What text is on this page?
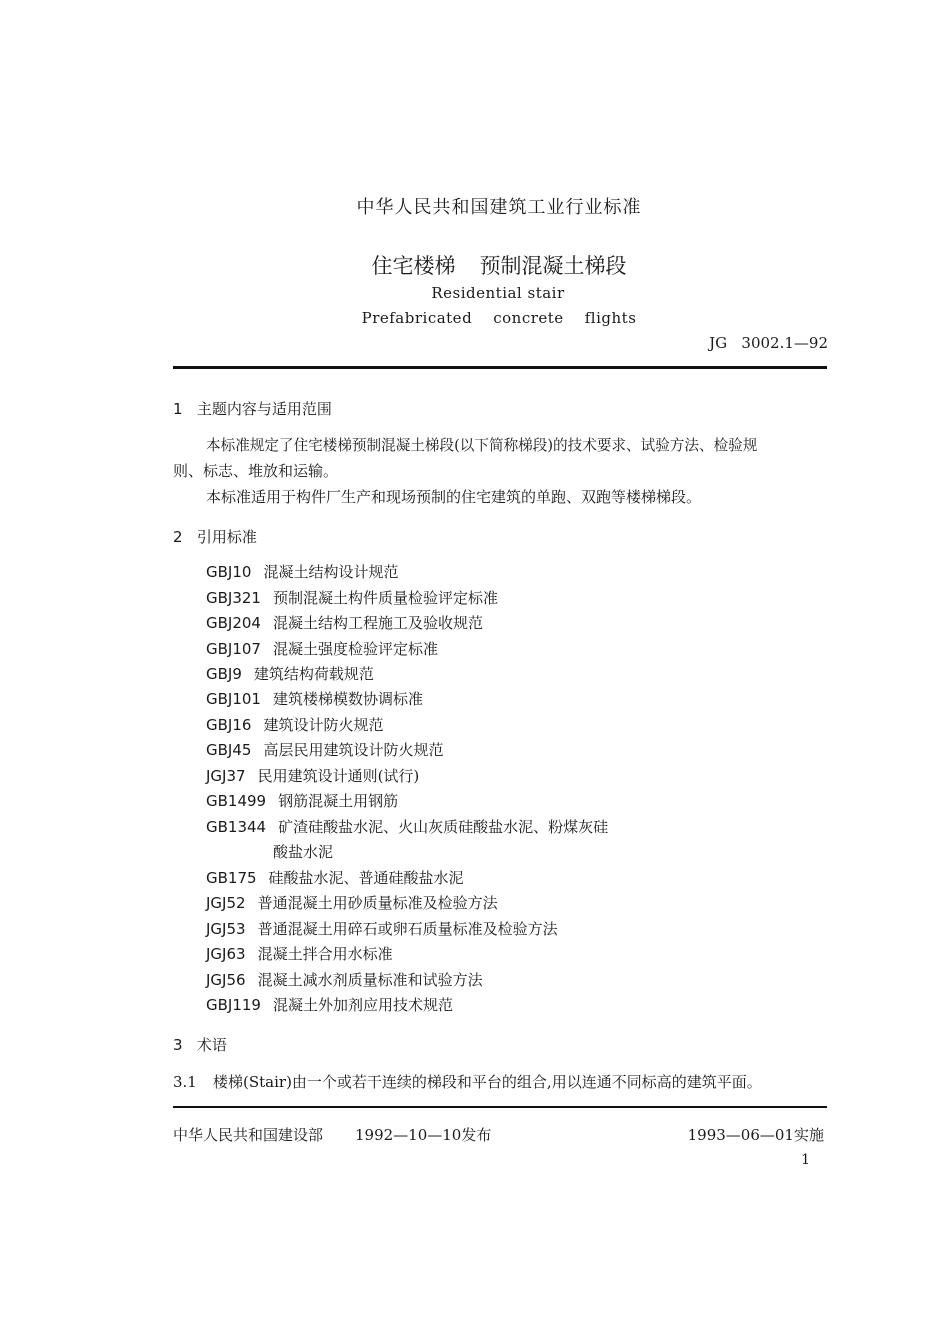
中华人民共和国建筑工业行业标准
住宅楼梯 预制混凝土梯段
Residential stair
Prefabricated    concrete    flights
JG   3002.1—92
1   主题内容与适用范围
本标准规定了住宅楼梯预制混凝土梯段(以下简称梯段)的技术要求、试验方法、检验规
则、标志、堆放和运输。
本标准适用于构件厂生产和现场预制的住宅建筑的单跑、双跑等楼梯梯段。
2   引用标准
GBJ10 混凝土结构设计规范
GBJ321 预制混凝土构件质量检验评定标准
GBJ204 混凝土结构工程施工及验收规范
GBJ107 混凝土强度检验评定标准
GBJ9 建筑结构荷载规范
GBJ101 建筑楼梯模数协调标准
GBJ16 建筑设计防火规范
GBJ45 高层民用建筑设计防火规范
JGJ37 民用建筑设计通则(试行)
GB1499 钢筋混凝土用钢筋
GB1344 矿渣硅酸盐水泥、火山灰质硅酸盐水泥、粉煤灰硅
酸盐水泥
GB175 硅酸盐水泥、普通硅酸盐水泥
JGJ52 普通混凝土用砂质量标准及检验方法
JGJ53 普通混凝土用碎石或卵石质量标准及检验方法
JGJ63 混凝土拌合用水标准
JGJ56 混凝土减水剂质量标准和试验方法
GBJ119 混凝土外加剂应用技术规范
3   术语
3.1 楼梯(Stair)由一个或若干连续的梯段和平台的组合,用以连通不同标高的建筑平面。
中华人民共和国建设部 1992—10—10发布	1993—06—01实施
1
